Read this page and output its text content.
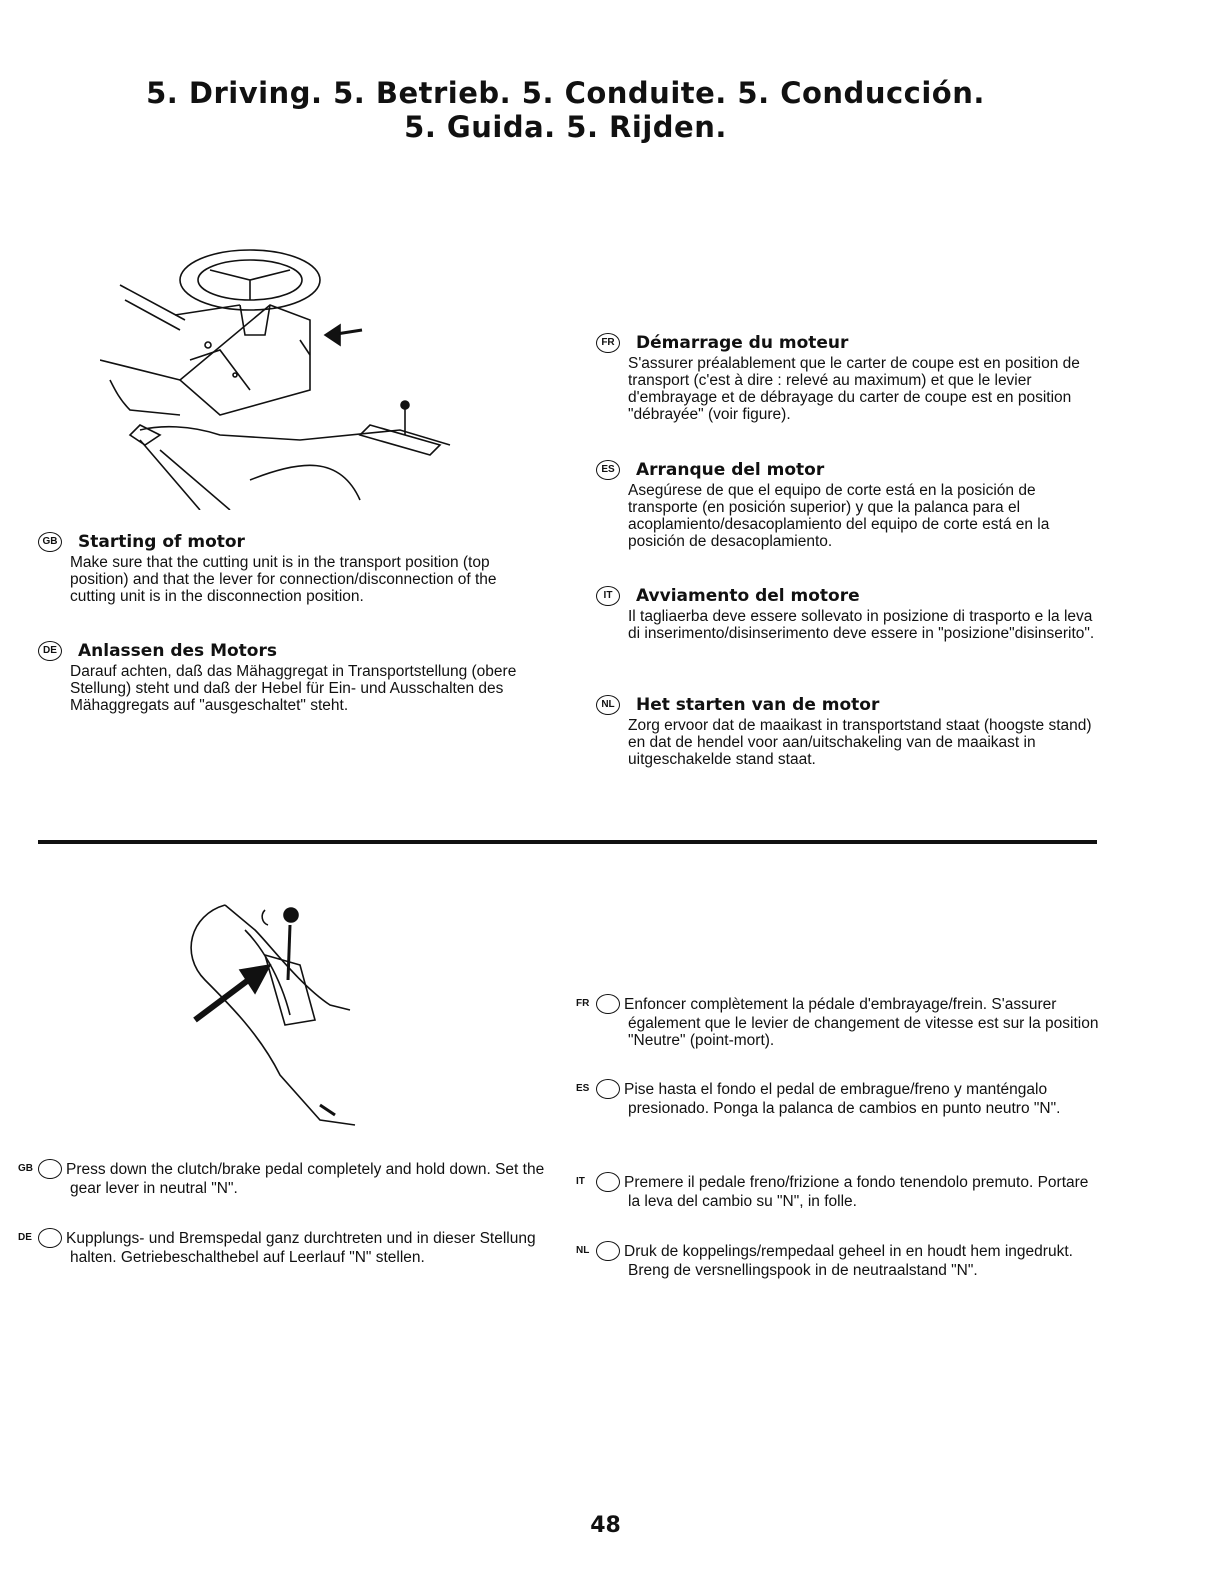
5. Driving. 5. Betrieb. 5. Conduite. 5. Conducción.
5. Guida. 5. Rijden.
GB Starting of motor

Make sure that the cutting unit is in the transport position (top position) and that the lever for connection/disconnection of the cutting unit is in the disconnection position.

DE Anlassen des Motors

Darauf achten, daß das Mähaggregat in Transportstellung (obere Stellung) steht und daß der Hebel für Ein- und Ausschalten des Mähaggregats auf "ausgeschaltet" steht.

FR	Démarrage du moteur

S'assurer préalablement que le carter de coupe est en position de transport (c'est à dire : relevé au maximum) et que le levier d'embrayage et de débrayage du carter de coupe est en position "débrayée" (voir figure).

ES	Arranque del motor

Asegúrese de que el equipo de corte está en la posición de transporte (en posición superior) y que la palanca para el acoplamiento/desacoplamiento del equipo de corte está en la posición de desacoplamiento.

IT	Avviamento del motore

Il tagliaerba deve essere sollevato in posizione di trasporto e la leva di inserimento/disinserimento deve essere in "posizione"disinserito".

NL	Het starten van de motor

Zorg ervoor dat de maaikast in transportstand staat (hoogste stand) en dat de hendel voor aan/uitschakeling van de maaikast in uitgeschakelde stand staat.

FR Enfoncer complètement la pédale d'embrayage/frein. S'assurer également que le levier de changement de vitesse est sur la position "Neutre" (point-mort).

ES Pise hasta el fondo el pedal de embrague/freno y manténgalo presionado. Ponga la palanca de cambios en punto neutro "N".

IT	Premere il pedale freno/frizione a fondo tenendolo premuto. Portare la leva del cambio su "N", in folle.

NL Druk de koppelings/rempedaal geheel in en houdt hem ingedrukt. Breng de versnellingspook in de neutraalstand "N".

GB Press down the clutch/brake pedal completely and hold down. Set the gear lever in neutral "N".

DE Kupplungs- und Bremspedal ganz durchtreten und in dieser Stellung halten. Getriebeschalthebel auf Leerlauf "N" stellen.

48
